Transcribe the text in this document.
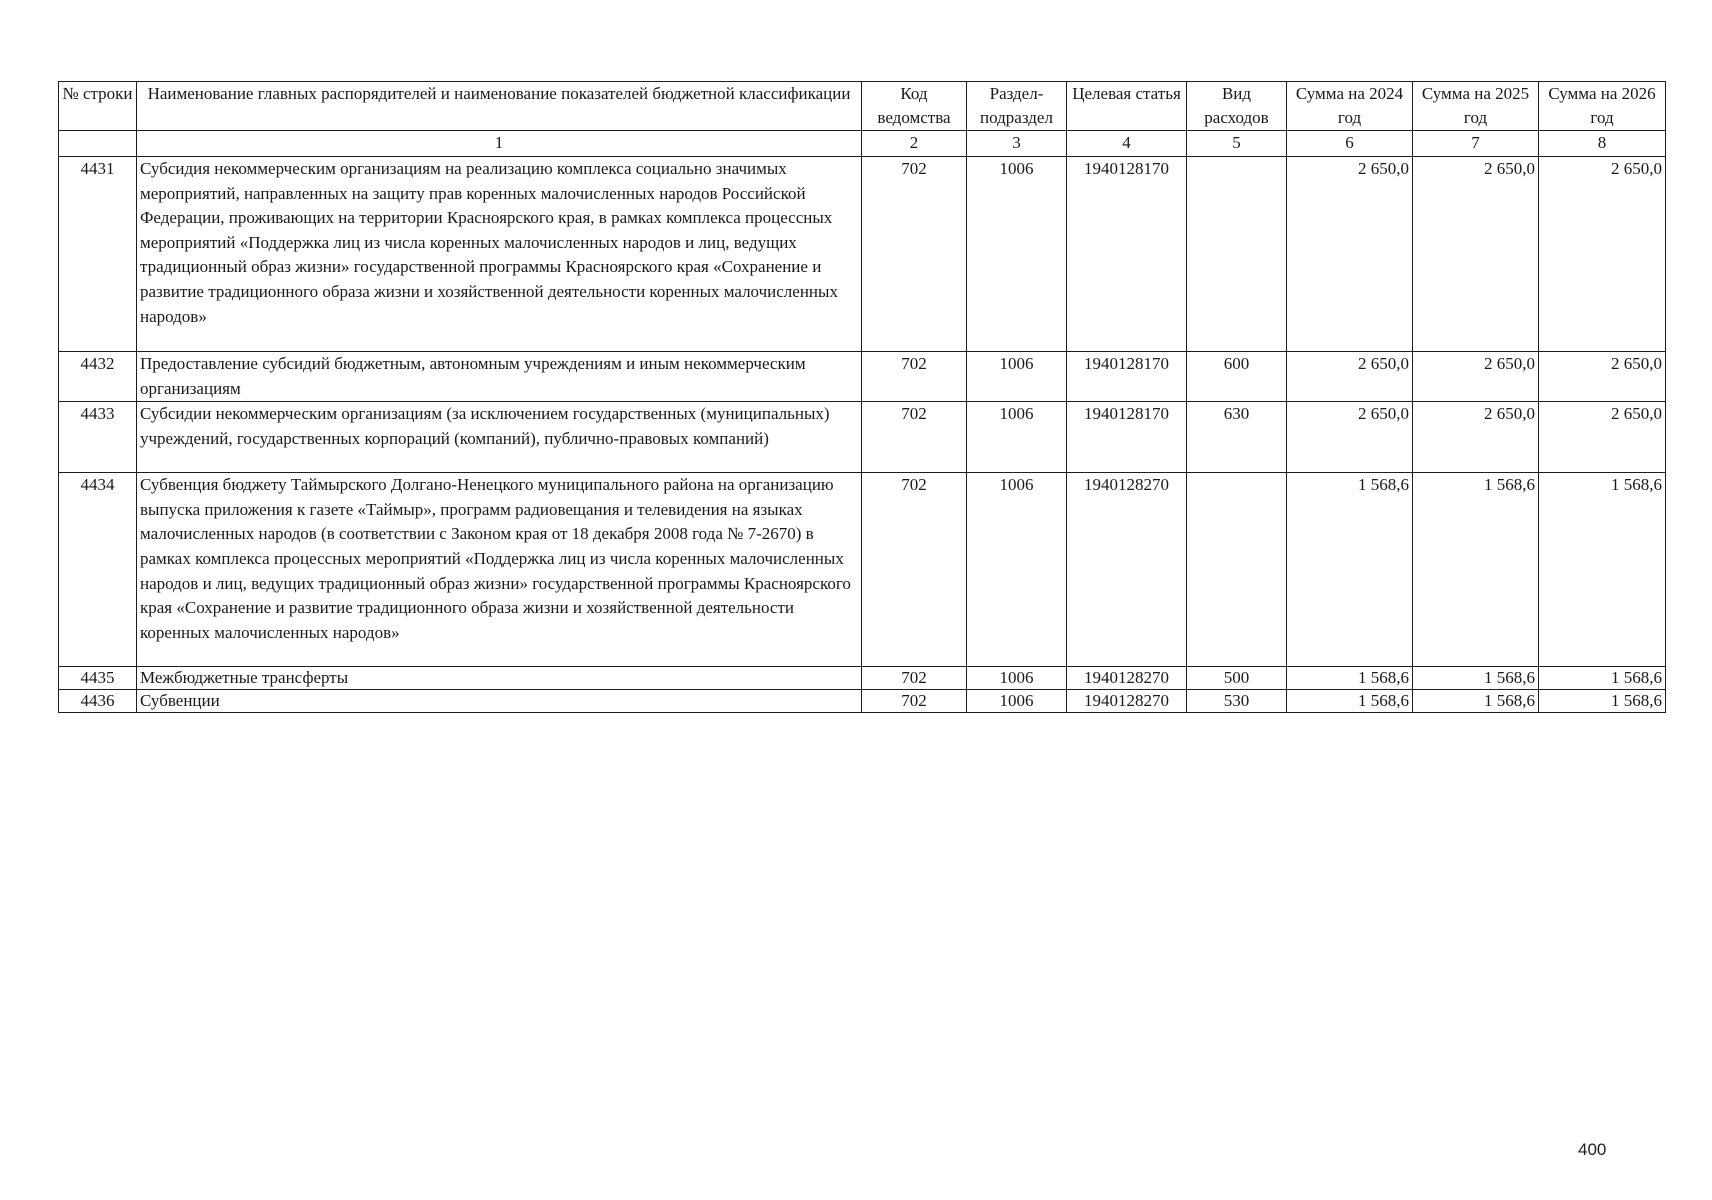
№ строки	Наименование главных распорядителей и наименование показателей бюджетной классификации	Код ведомства	Раздел-подраздел	Целевая статья	Вид расходов	Сумма на 2024 год	Сумма на 2025 год	Сумма на 2026 год
	1	2	3	4	5	6	7	8
4431	Субсидия некоммерческим организациям на реализацию комплекса социально значимых мероприятий, направленных на защиту прав коренных малочисленных народов Российской Федерации, проживающих на территории Красноярского края, в рамках комплекса процессных мероприятий «Поддержка лиц из числа коренных малочисленных народов и лиц, ведущих традиционный образ жизни» государственной программы Красноярского края «Сохранение и развитие традиционного образа жизни и хозяйственной деятельности коренных малочисленных народов»	702	1006	1940128170		2 650,0	2 650,0	2 650,0
4432	Предоставление субсидий бюджетным, автономным учреждениям и иным некоммерческим организациям	702	1006	1940128170	600	2 650,0	2 650,0	2 650,0
4433	Субсидии некоммерческим организациям (за исключением государственных (муниципальных) учреждений, государственных корпораций (компаний), публично-правовых компаний)	702	1006	1940128170	630	2 650,0	2 650,0	2 650,0
4434	Субвенция бюджету Таймырского Долгано-Ненецкого муниципального района на организацию выпуска приложения к газете «Таймыр», программ радиовещания и телевидения на языках малочисленных народов (в соответствии с Законом края от 18 декабря 2008 года № 7-2670) в рамках комплекса процессных мероприятий «Поддержка лиц из числа коренных малочисленных народов и лиц, ведущих традиционный образ жизни» государственной программы Красноярского края «Сохранение и развитие традиционного образа жизни и хозяйственной деятельности коренных малочисленных народов»	702	1006	1940128270		1 568,6	1 568,6	1 568,6
4435	Межбюджетные трансферты	702	1006	1940128270	500	1 568,6	1 568,6	1 568,6
4436	Субвенции	702	1006	1940128270	530	1 568,6	1 568,6	1 568,6
400
